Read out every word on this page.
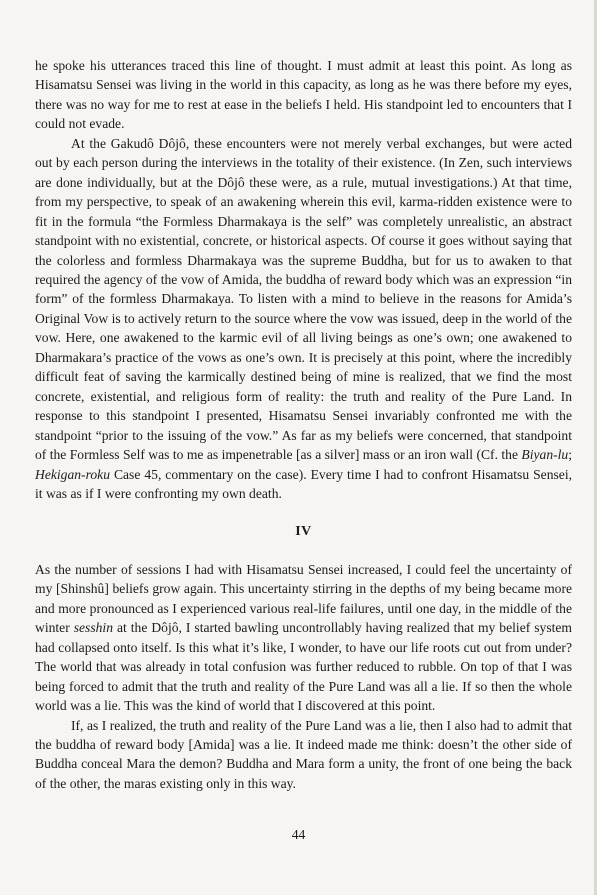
he spoke his utterances traced this line of thought. I must admit at least this point. As long as Hisamatsu Sensei was living in the world in this capacity, as long as he was there before my eyes, there was no way for me to rest at ease in the beliefs I held. His standpoint led to encounters that I could not evade.

At the Gakudô Dôjô, these encounters were not merely verbal exchanges, but were acted out by each person during the interviews in the totality of their existence. (In Zen, such interviews are done individually, but at the Dôjô these were, as a rule, mutual investigations.) At that time, from my perspective, to speak of an awakening wherein this evil, karma-ridden existence were to fit in the formula “the Formless Dharmakaya is the self” was completely unrealistic, an abstract standpoint with no existential, concrete, or historical aspects. Of course it goes without saying that the colorless and formless Dharmakaya was the supreme Buddha, but for us to awaken to that required the agency of the vow of Amida, the buddha of reward body which was an expression “in form” of the formless Dharmakaya. To listen with a mind to believe in the reasons for Amida’s Original Vow is to actively return to the source where the vow was issued, deep in the world of the vow. Here, one awakened to the karmic evil of all living beings as one’s own; one awakened to Dharmakara’s practice of the vows as one’s own. It is precisely at this point, where the incredibly difficult feat of saving the karmically destined being of mine is realized, that we find the most concrete, existential, and religious form of reality: the truth and reality of the Pure Land. In response to this standpoint I presented, Hisamatsu Sensei invariably confronted me with the standpoint “prior to the issuing of the vow.” As far as my beliefs were concerned, that standpoint of the Formless Self was to me as impenetrable [as a silver] mass or an iron wall (Cf. the Biyan-lu; Hekigan-roku Case 45, commentary on the case). Every time I had to confront Hisamatsu Sensei, it was as if I were confronting my own death.

IV

As the number of sessions I had with Hisamatsu Sensei increased, I could feel the uncertainty of my [Shinshû] beliefs grow again. This uncertainty stirring in the depths of my being became more and more pronounced as I experienced various real-life failures, until one day, in the middle of the winter sesshin at the Dôjô, I started bawling uncontrollably having realized that my belief system had collapsed onto itself. Is this what it’s like, I wonder, to have our life roots cut out from under? The world that was already in total confusion was further reduced to rubble. On top of that I was being forced to admit that the truth and reality of the Pure Land was all a lie. If so then the whole world was a lie. This was the kind of world that I discovered at this point.

If, as I realized, the truth and reality of the Pure Land was a lie, then I also had to admit that the buddha of reward body [Amida] was a lie. It indeed made me think: doesn’t the other side of Buddha conceal Mara the demon? Buddha and Mara form a unity, the front of one being the back of the other, the maras existing only in this way.

44
